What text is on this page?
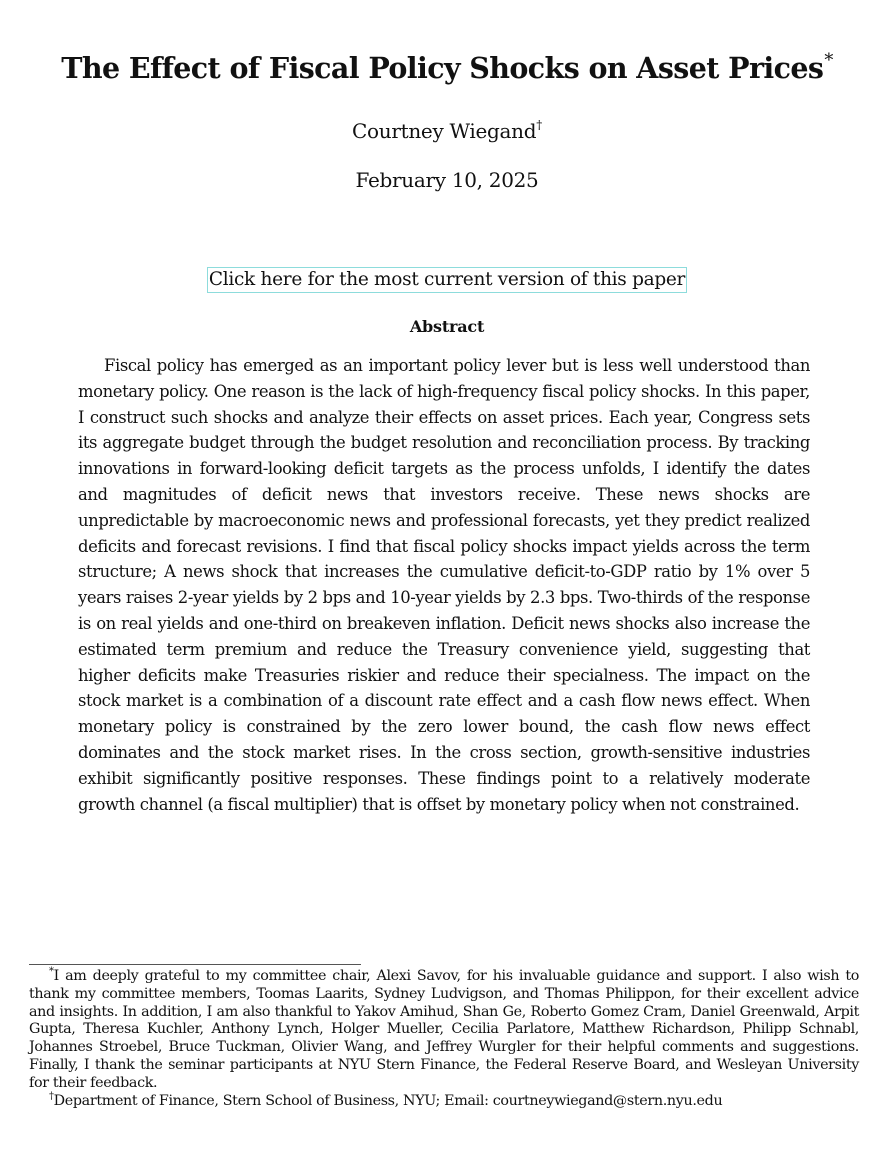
The Effect of Fiscal Policy Shocks on Asset Prices*
Courtney Wiegand†
February 10, 2025
Click here for the most current version of this paper
Abstract

Fiscal policy has emerged as an important policy lever but is less well understood than monetary policy. One reason is the lack of high-frequency fiscal policy shocks. In this paper, I construct such shocks and analyze their effects on asset prices. Each year, Congress sets its aggregate budget through the budget resolution and reconciliation process. By tracking innovations in forward-looking deficit targets as the process unfolds, I identify the dates and magnitudes of deficit news that investors receive. These news shocks are unpredictable by macroeconomic news and professional forecasts, yet they predict realized deficits and forecast revisions. I find that fiscal policy shocks impact yields across the term structure; A news shock that increases the cumulative deficit-to-GDP ratio by 1% over 5 years raises 2-year yields by 2 bps and 10-year yields by 2.3 bps. Two-thirds of the response is on real yields and one-third on breakeven inflation. Deficit news shocks also increase the estimated term premium and reduce the Treasury convenience yield, suggesting that higher deficits make Treasuries riskier and reduce their specialness. The impact on the stock market is a combination of a discount rate effect and a cash flow news effect. When monetary policy is constrained by the zero lower bound, the cash flow news effect dominates and the stock market rises. In the cross section, growth-sensitive industries exhibit significantly positive responses. These findings point to a relatively moderate growth channel (a fiscal multiplier) that is offset by monetary policy when not constrained.

*I am deeply grateful to my committee chair, Alexi Savov, for his invaluable guidance and support. I also wish to thank my committee members, Toomas Laarits, Sydney Ludvigson, and Thomas Philippon, for their excellent advice and insights. In addition, I am also thankful to Yakov Amihud, Shan Ge, Roberto Gomez Cram, Daniel Greenwald, Arpit Gupta, Theresa Kuchler, Anthony Lynch, Holger Mueller, Cecilia Parlatore, Matthew Richardson, Philipp Schnabl, Johannes Stroebel, Bruce Tuckman, Olivier Wang, and Jeffrey Wurgler for their helpful comments and suggestions. Finally, I thank the seminar participants at NYU Stern Finance, the Federal Reserve Board, and Wesleyan University for their feedback.

†Department of Finance, Stern School of Business, NYU; Email: courtneywiegand@stern.nyu.edu
